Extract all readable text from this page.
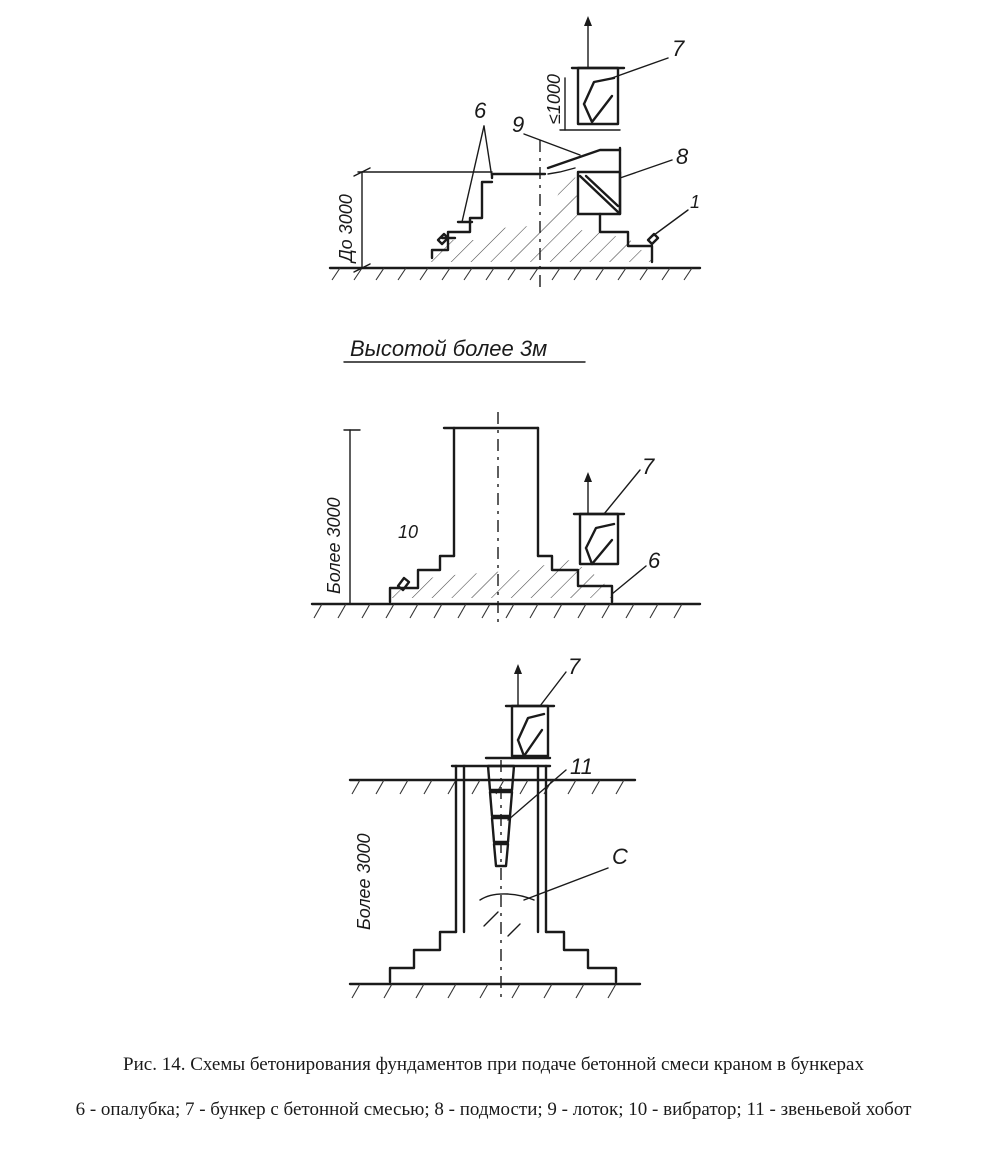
До 3000
≤1000
6
9
8
7
1
Высотой более 3м
Более 3000
7
6
10
Более 3000
7
11
С
Рис. 14. Схемы бетонирования фундаментов при подаче бетонной смеси краном в бункерах
6 - опалубка; 7 - бункер с бетонной смесью; 8 - подмости; 9 - лоток; 10 - вибратор; 11 - звеньевой хобот
